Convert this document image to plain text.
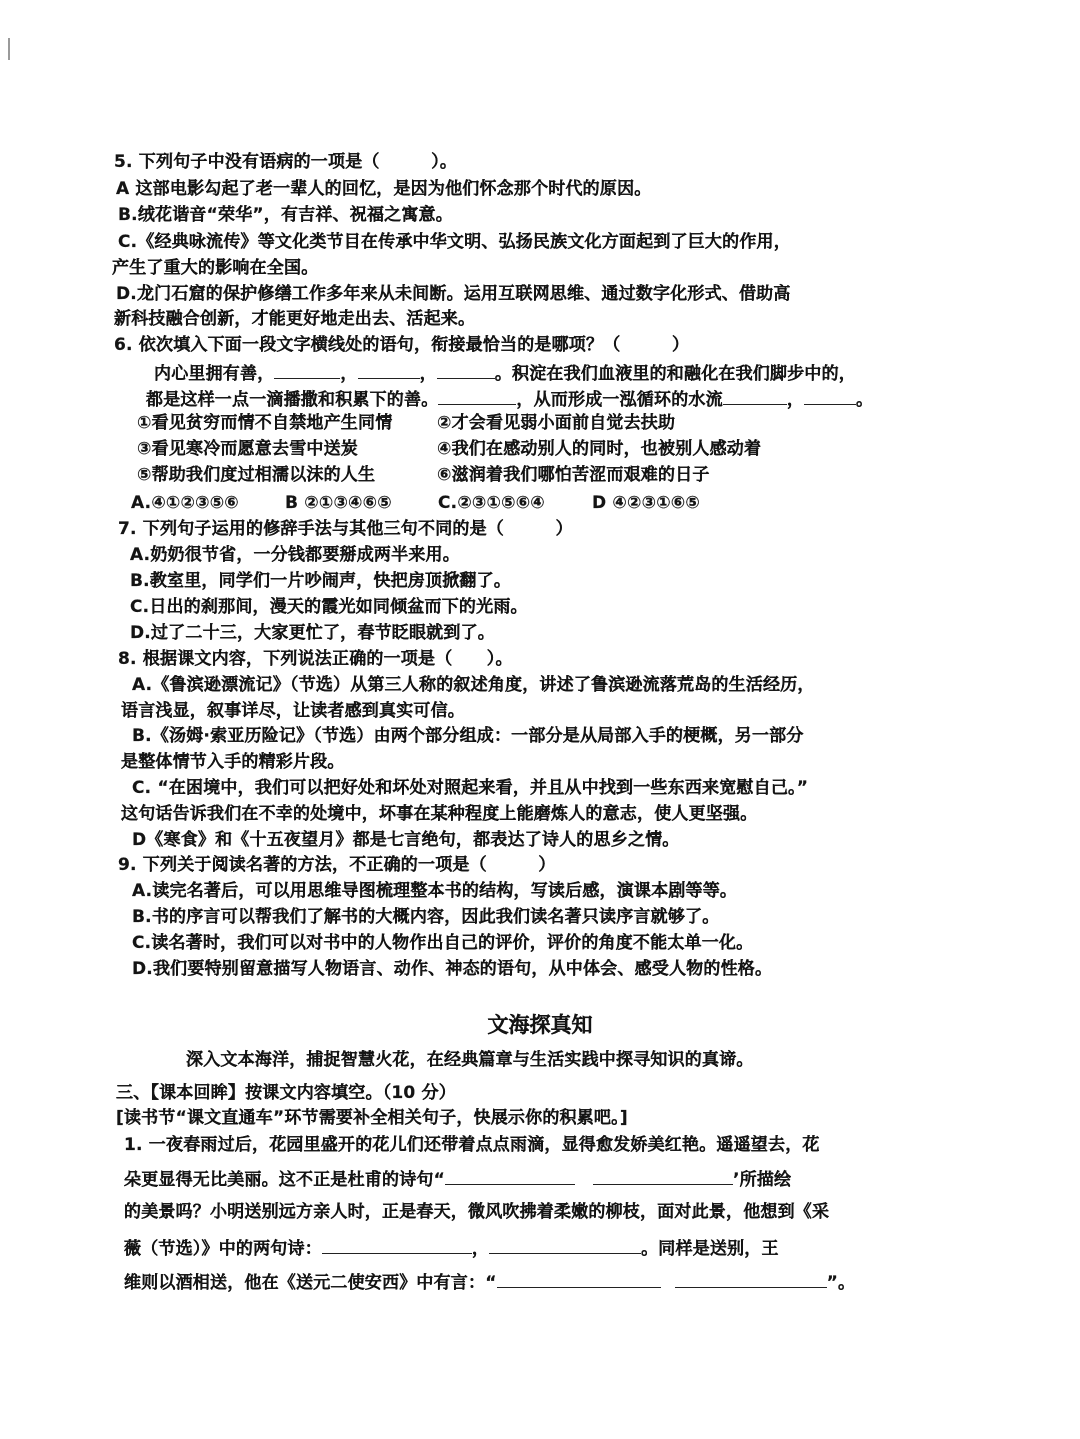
5. 下列句子中没有语病的一项是（　　　）。
A 这部电影勾起了老一辈人的回忆，是因为他们怀念那个时代的原因。
B.绒花谐音“荣华”，有吉祥、祝福之寓意。
C.《经典咏流传》等文化类节目在传承中华文明、弘扬民族文化方面起到了巨大的作用，
产生了重大的影响在全国。
D.龙门石窟的保护修缮工作多年来从未间断。运用互联网思维、通过数字化形式、借助高
新科技融合创新，才能更好地走出去、活起来。
6. 依次填入下面一段文字横线处的语句，衔接最恰当的是哪项？（　　　）
内心里拥有善，	，	，	。积淀在我们血液里的和融化在我们脚步中的，
都是这样一点一滴播撒和积累下的善。	，从而形成一泓循环的水流	，	。
①看见贫穷而情不自禁地产生同情	②才会看见弱小面前自觉去扶助
③看见寒冷而愿意去雪中送炭	④我们在感动别人的同时，也被别人感动着
⑤帮助我们度过相濡以沫的人生	⑥滋润着我们哪怕苦涩而艰难的日子
A.④①②③⑤⑥	B ②①③④⑥⑤	C.②③①⑤⑥④	D ④②③①⑥⑤
7. 下列句子运用的修辞手法与其他三句不同的是（　　　）
A.奶奶很节省，一分钱都要掰成两半来用。
B.教室里，同学们一片吵闹声，快把房顶掀翻了。
C.日出的刹那间，漫天的霞光如同倾盆而下的光雨。
D.过了二十三，大家更忙了，春节眨眼就到了。
8. 根据课文内容，下列说法正确的一项是（　　）。
A.《鲁滨逊漂流记》（节选）从第三人称的叙述角度，讲述了鲁滨逊流落荒岛的生活经历，
语言浅显，叙事详尽，让读者感到真实可信。
B.《汤姆·索亚历险记》（节选）由两个部分组成：一部分是从局部入手的梗概，另一部分
是整体情节入手的精彩片段。
C. “在困境中，我们可以把好处和坏处对照起来看，并且从中找到一些东西来宽慰自己。”
这句话告诉我们在不幸的处境中，坏事在某种程度上能磨炼人的意志，使人更坚强。
D《寒食》和《十五夜望月》都是七言绝句，都表达了诗人的思乡之情。
9. 下列关于阅读名著的方法，不正确的一项是（　　　）
A.读完名著后，可以用思维导图梳理整本书的结构，写读后感，演课本剧等等。
B.书的序言可以帮我们了解书的大概内容，因此我们读名著只读序言就够了。
C.读名著时，我们可以对书中的人物作出自己的评价，评价的角度不能太单一化。
D.我们要特别留意描写人物语言、动作、神态的语句，从中体会、感受人物的性格。
文海探真知
深入文本海洋，捕捉智慧火花，在经典篇章与生活实践中探寻知识的真谛。
三、【课本回眸】按课文内容填空。（10 分）
[读书节“课文直通车”环节需要补全相关句子，快展示你的积累吧。]
1. 一夜春雨过后，花园里盛开的花儿们还带着点点雨滴，显得愈发娇美红艳。遥遥望去，花
朵更显得无比美丽。这不正是杜甫的诗句“	’所描绘
的美景吗？小明送别远方亲人时，正是春天，微风吹拂着柔嫩的柳枝，面对此景，他想到《采
薇（节选）》中的两句诗：	，	。同样是送别，王
维则以酒相送，他在《送元二使安西》中有言：“	”。
